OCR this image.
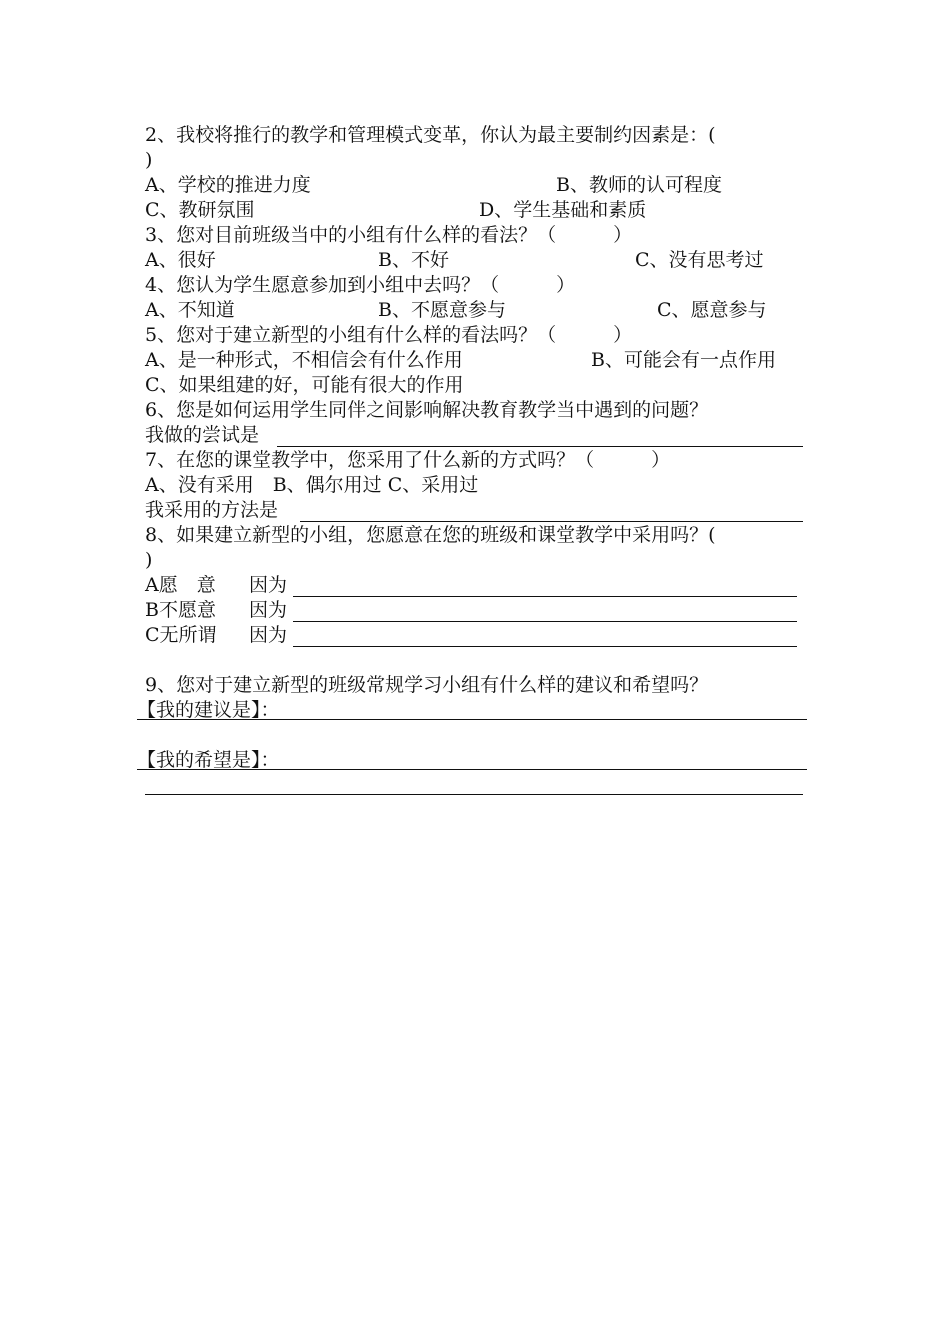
2、我校将推行的教学和管理模式变革，你认为最主要制约因素是：(
)
A、学校的推进力度	B、教师的认可程度
C、教研氛围	D、学生基础和素质
3、您对目前班级当中的小组有什么样的看法？（　　　）
A、很好	B、不好	C、没有思考过
4、您认为学生愿意参加到小组中去吗？（　　　）
A、不知道	B、不愿意参与	C、愿意参与
5、您对于建立新型的小组有什么样的看法吗？（　　　）
A、是一种形式，不相信会有什么作用	B、可能会有一点作用
C、如果组建的好，可能有很大的作用
6、您是如何运用学生同伴之间影响解决教育教学当中遇到的问题？
我做的尝试是
7、在您的课堂教学中，您采用了什么新的方式吗？（　　　）
A、没有采用　B、偶尔用过 C、采用过
我采用的方法是
8、如果建立新型的小组，您愿意在您的班级和课堂教学中采用吗？(
)
A愿　意 因为
B不愿意 因为
C无所谓 因为
9、您对于建立新型的班级常规学习小组有什么样的建议和希望吗？
【我的建议是】：
【我的希望是】：
